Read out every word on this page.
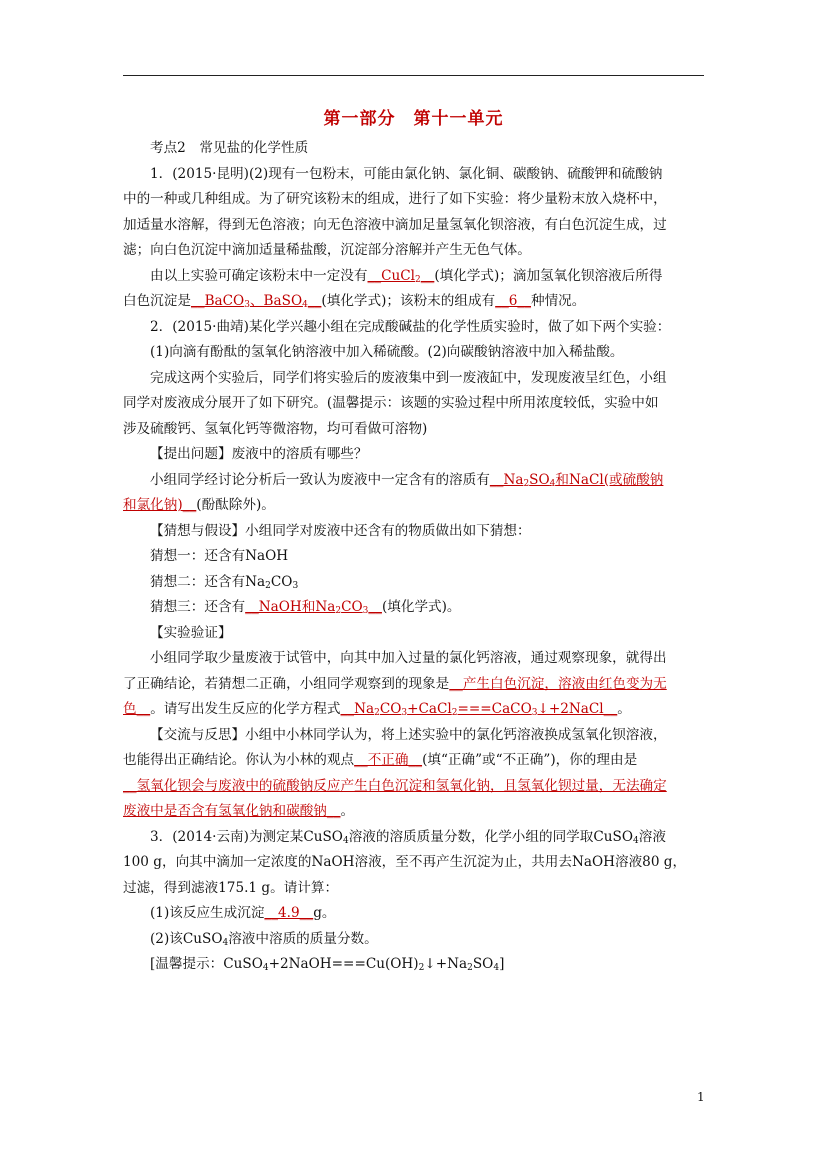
第一部分 第十一单元

考点2　常见盐的化学性质

1．(2015·昆明)(2)现有一包粉末，可能由氯化钠、氯化铜、碳酸钠、硫酸钾和硫酸钠

中的一种或几种组成。为了研究该粉末的组成，进行了如下实验：将少量粉末放入烧杯中，

加适量水溶解，得到无色溶液；向无色溶液中滴加足量氢氧化钡溶液，有白色沉淀生成，过

滤；向白色沉淀中滴加适量稀盐酸，沉淀部分溶解并产生无色气体。

由以上实验可确定该粉末中一定没有__CuCl$_2$__(填化学式)；滴加氢氧化钡溶液后所得

白色沉淀是__BaCO$_3$、BaSO$_4$__(填化学式)；该粉末的组成有__6__种情况。

2．(2015·曲靖)某化学兴趣小组在完成酸碱盐的化学性质实验时，做了如下两个实验：

(1)向滴有酚酞的氢氧化钠溶液中加入稀硫酸。(2)向碳酸钠溶液中加入稀盐酸。

完成这两个实验后，同学们将实验后的废液集中到一废液缸中，发现废液呈红色，小组

同学对废液成分展开了如下研究。(温馨提示：该题的实验过程中所用浓度较低，实验中如

涉及硫酸钙、氢氧化钙等微溶物，均可看做可溶物)

【提出问题】废液中的溶质有哪些？

小组同学经讨论分析后一致认为废液中一定含有的溶质有$\_\_Na_2SO_4$和NaCl(或硫酸钠

和氯化钠)__(酚酞除外)。

【猜想与假设】小组同学对废液中还含有的物质做出如下猜想：

猜想一：还含有NaOH

猜想二：还含有$Na_2CO_3$

猜想三：还含有__NaOH和$Na_2CO_3\_\_$(填化学式)。

【实验验证】

小组同学取少量废液于试管中，向其中加入过量的氯化钙溶液，通过观察现象，就得出

了正确结论，若猜想二正确，小组同学观察到的现象是__产生白色沉淀，溶液由红色变为无

色__。请写出发生反应的化学方程式$\_\_Na_2CO_3+CaCl_2===CaCO_3↓+2NaCl\_\_$。

【交流与反思】小组中小林同学认为，将上述实验中的氯化钙溶液换成氢氧化钡溶液，

也能得出正确结论。你认为小林的观点__不正确__(填“正确”或“不正确”)，你的理由是

__氢氧化钡会与废液中的硫酸钠反应产生白色沉淀和氢氧化钠，且氢氧化钡过量，无法确定

废液中是否含有氢氧化钠和碳酸钠__。

3．(2014·云南)为测定某CuSO$_4$溶液的溶质质量分数，化学小组的同学取CuSO$_4$溶液

100 g，向其中滴加一定浓度的NaOH溶液，至不再产生沉淀为止，共用去NaOH溶液80 g，

过滤，得到滤液175.1 g。请计算：

(1)该反应生成沉淀__4.9__g。

(2)该CuSO$_4$溶液中溶质的质量分数。

[温馨提示：$CuSO_4+2NaOH===Cu(OH)_2↓+Na_2SO_4$]

1
